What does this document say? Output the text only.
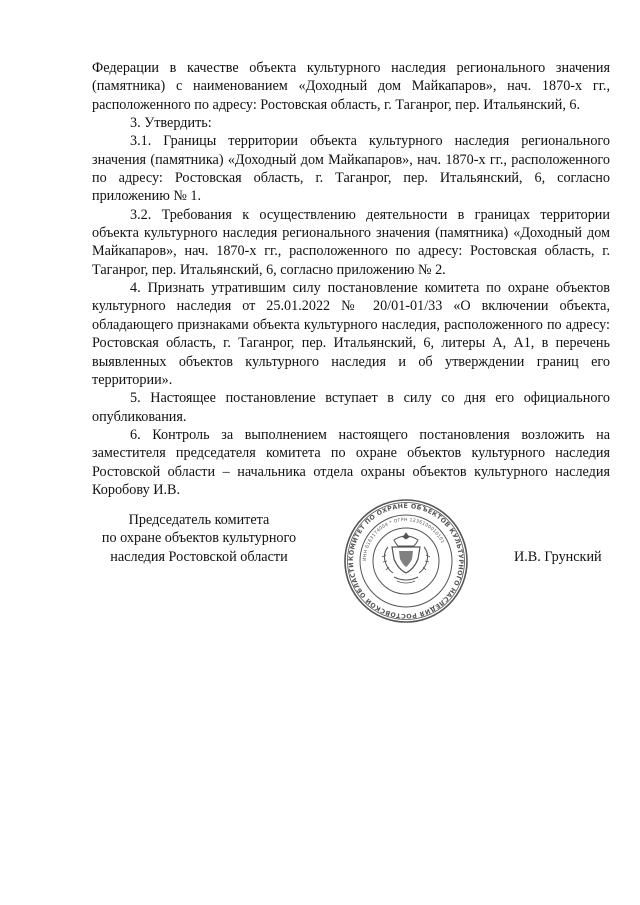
Федерации в качестве объекта культурного наследия регионального значения (памятника) с наименованием «Доходный дом Майкапаров», нач. 1870-х гг., расположенного по адресу: Ростовская область, г. Таганрог, пер. Итальянский, 6.

3. Утвердить:

3.1. Границы территории объекта культурного наследия регионального значения (памятника) «Доходный дом Майкапаров», нач. 1870-х гг., расположенного по адресу: Ростовская область, г. Таганрог, пер. Итальянский, 6, согласно приложению № 1.

3.2. Требования к осуществлению деятельности в границах территории объекта культурного наследия регионального значения (памятника) «Доходный дом Майкапаров», нач. 1870-х гг., расположенного по адресу: Ростовская область, г. Таганрог, пер. Итальянский, 6, согласно приложению № 2.

4. Признать утратившим силу постановление комитета по охране объектов культурного наследия от 25.01.2022 № 20/01-01/33 «О включении объекта, обладающего признаками объекта культурного наследия, расположенного по адресу: Ростовская область, г. Таганрог, пер. Итальянский, 6, литеры А, А1, в перечень выявленных объектов культурного наследия и об утверждении границ его территории».

5. Настоящее постановление вступает в силу со дня его официального опубликования.

6. Контроль за выполнением настоящего постановления возложить на заместителя председателя комитета по охране объектов культурного наследия Ростовской области – начальника отдела охраны объектов культурного наследия Коробову И.В.

Председатель комитета
по охране объектов культурного
наследия Ростовской области	КОМИТЕТ ПО ОХРАНЕ ОБЪЕКТОВ КУЛЬТУРНОГО НАСЛЕДИЯ РОСТОВСКОЙ ОБЛАСТИ
ИНН 6163174004 * ОГРН 1236100010101
И.В. Грунский
